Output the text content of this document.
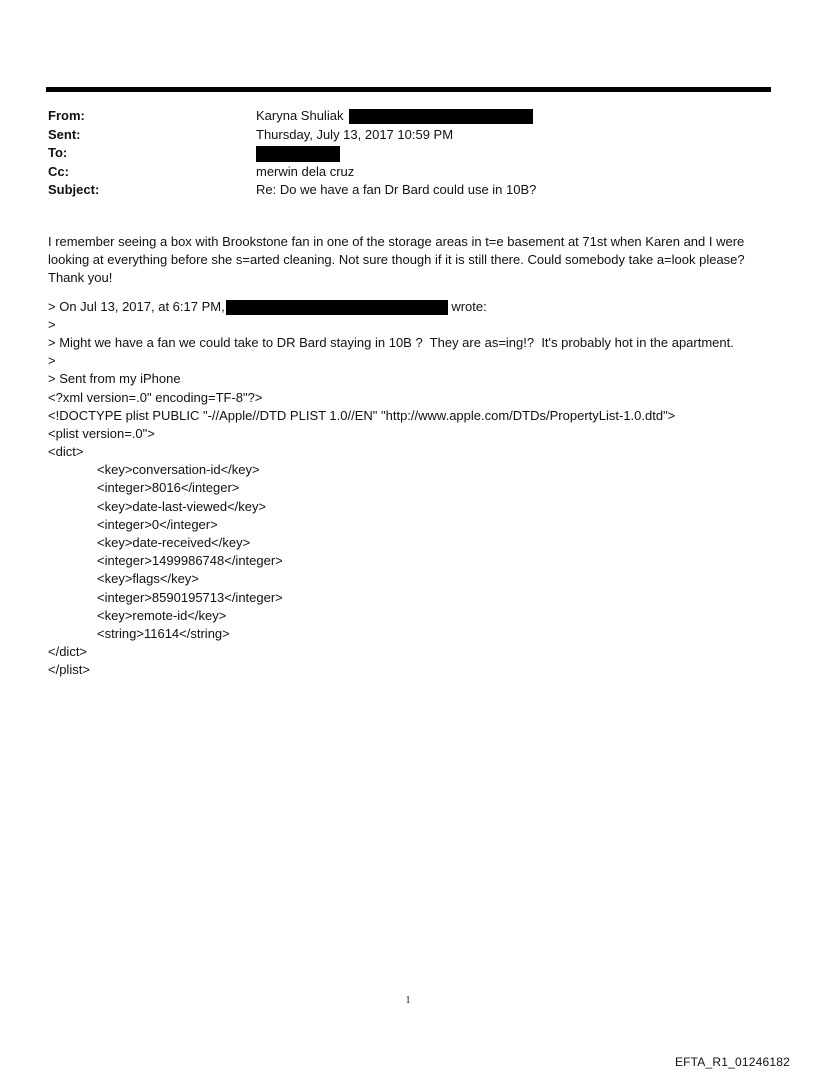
From:	Karyna Shuliak
Sent:	Thursday, July 13, 2017 10:59 PM
To:
Cc:	merwin dela cruz
Subject:	Re: Do we have a fan Dr Bard could use in 10B?

I remember seeing a box with Brookstone fan in one of the storage areas in t=e basement at 71st when Karen and I were looking at everything before she s=arted cleaning. Not sure though if it is still there. Could somebody take a=look please?

Thank you!

> On Jul 13, 2017, at 6:17 PM,	wrote:

>

> Might we have a fan we could take to DR Bard staying in 10B ?  They are as=ing!?  It's probably hot in the apartment.

>

> Sent from my iPhone

<?xml version=.0" encoding=TF-8"?>

<!DOCTYPE plist PUBLIC "-//Apple//DTD PLIST 1.0//EN" "http://www.apple.com/DTDs/PropertyList-1.0.dtd">

<plist version=.0">

<dict>

<key>conversation-id</key>

<integer>8016</integer>

<key>date-last-viewed</key>

<integer>0</integer>

<key>date-received</key>

<integer>1499986748</integer>

<key>flags</key>

<integer>8590195713</integer>

<key>remote-id</key>

<string>11614</string>

</dict>

</plist>

1
EFTA_R1_01246182
